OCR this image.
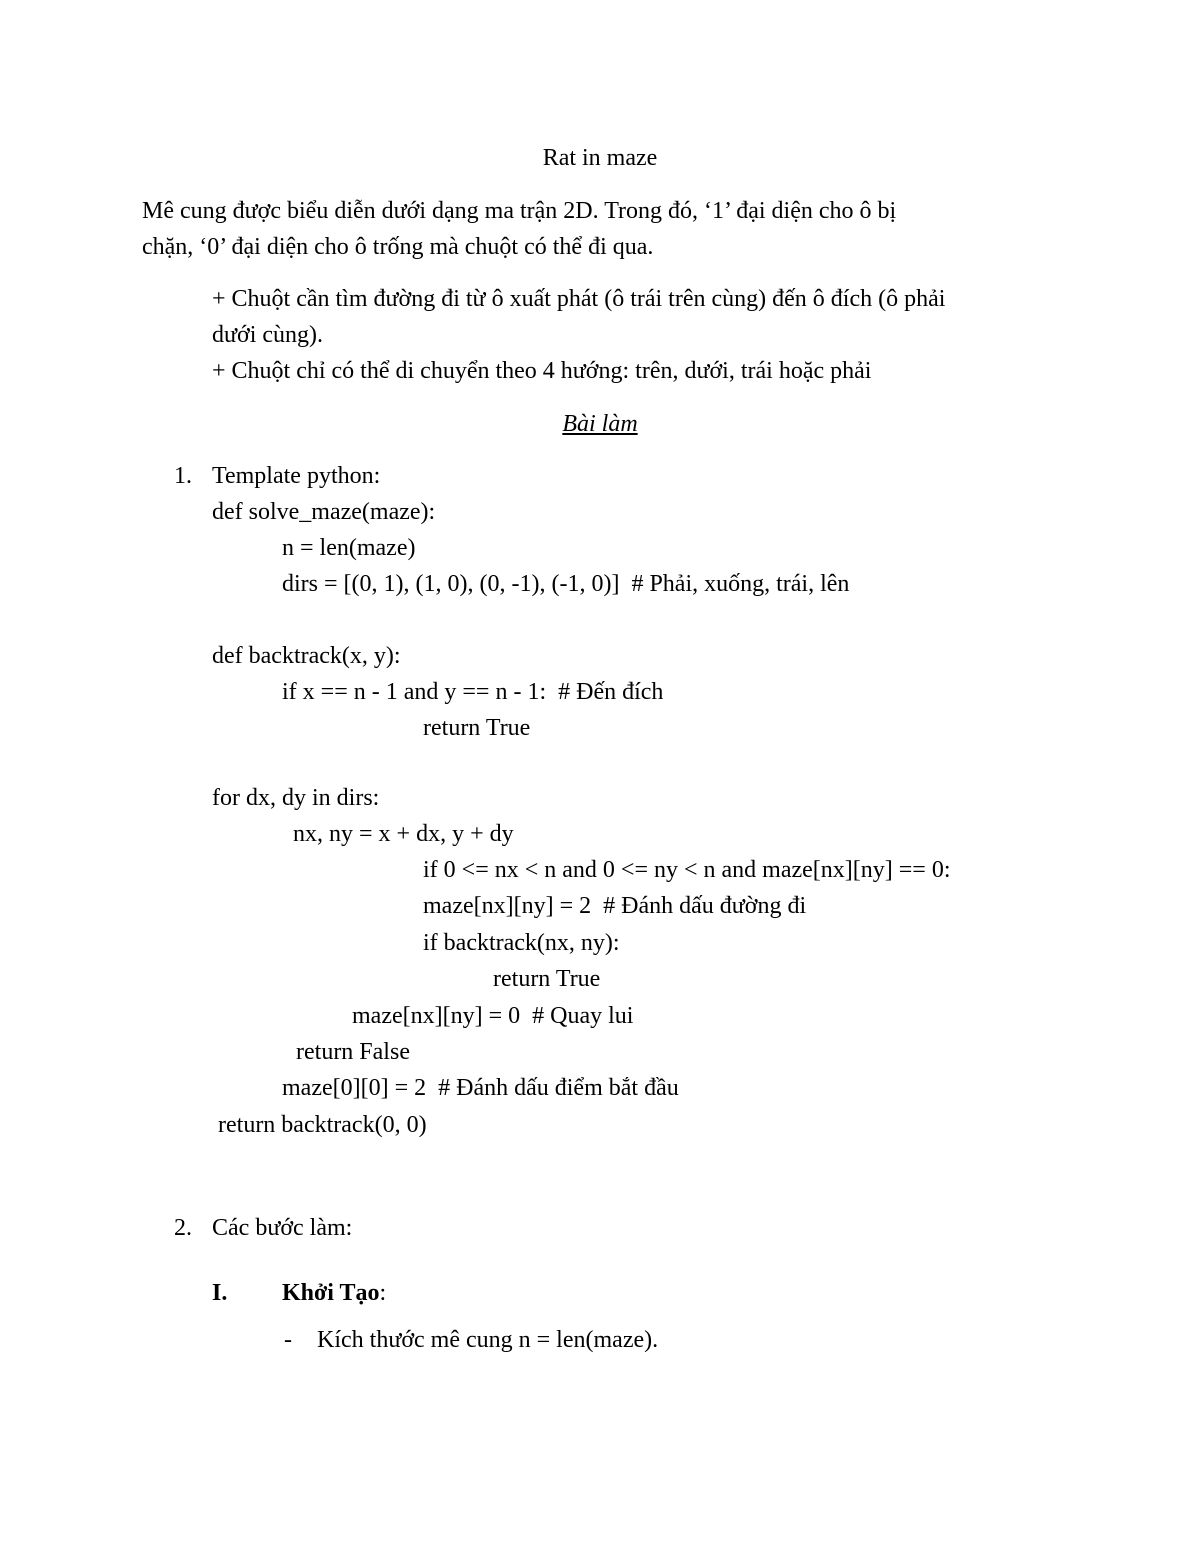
Rat in maze
Mê cung được biểu diễn dưới dạng ma trận 2D. Trong đó, ‘1’ đại diện cho ô bị
chặn, ‘0’ đại diện cho ô trống mà chuột có thể đi qua.
+ Chuột cần tìm đường đi từ ô xuất phát (ô trái trên cùng) đến ô đích (ô phải
dưới cùng).
+ Chuột chỉ có thể di chuyển theo 4 hướng: trên, dưới, trái hoặc phải
Bài làm
1. Template python:
def solve_maze(maze):
n = len(maze)
dirs = [(0, 1), (1, 0), (0, -1), (-1, 0)]  # Phải, xuống, trái, lên
def backtrack(x, y):
if x == n - 1 and y == n - 1:  # Đến đích
return True
for dx, dy in dirs:
nx, ny = x + dx, y + dy
if 0 <= nx < n and 0 <= ny < n and maze[nx][ny] == 0:
maze[nx][ny] = 2  # Đánh dấu đường đi
if backtrack(nx, ny):
return True
maze[nx][ny] = 0  # Quay lui
return False
maze[0][0] = 2  # Đánh dấu điểm bắt đầu
return backtrack(0, 0)
2. Các bước làm:
I. Khởi Tạo:
- Kích thước mê cung n = len(maze).
